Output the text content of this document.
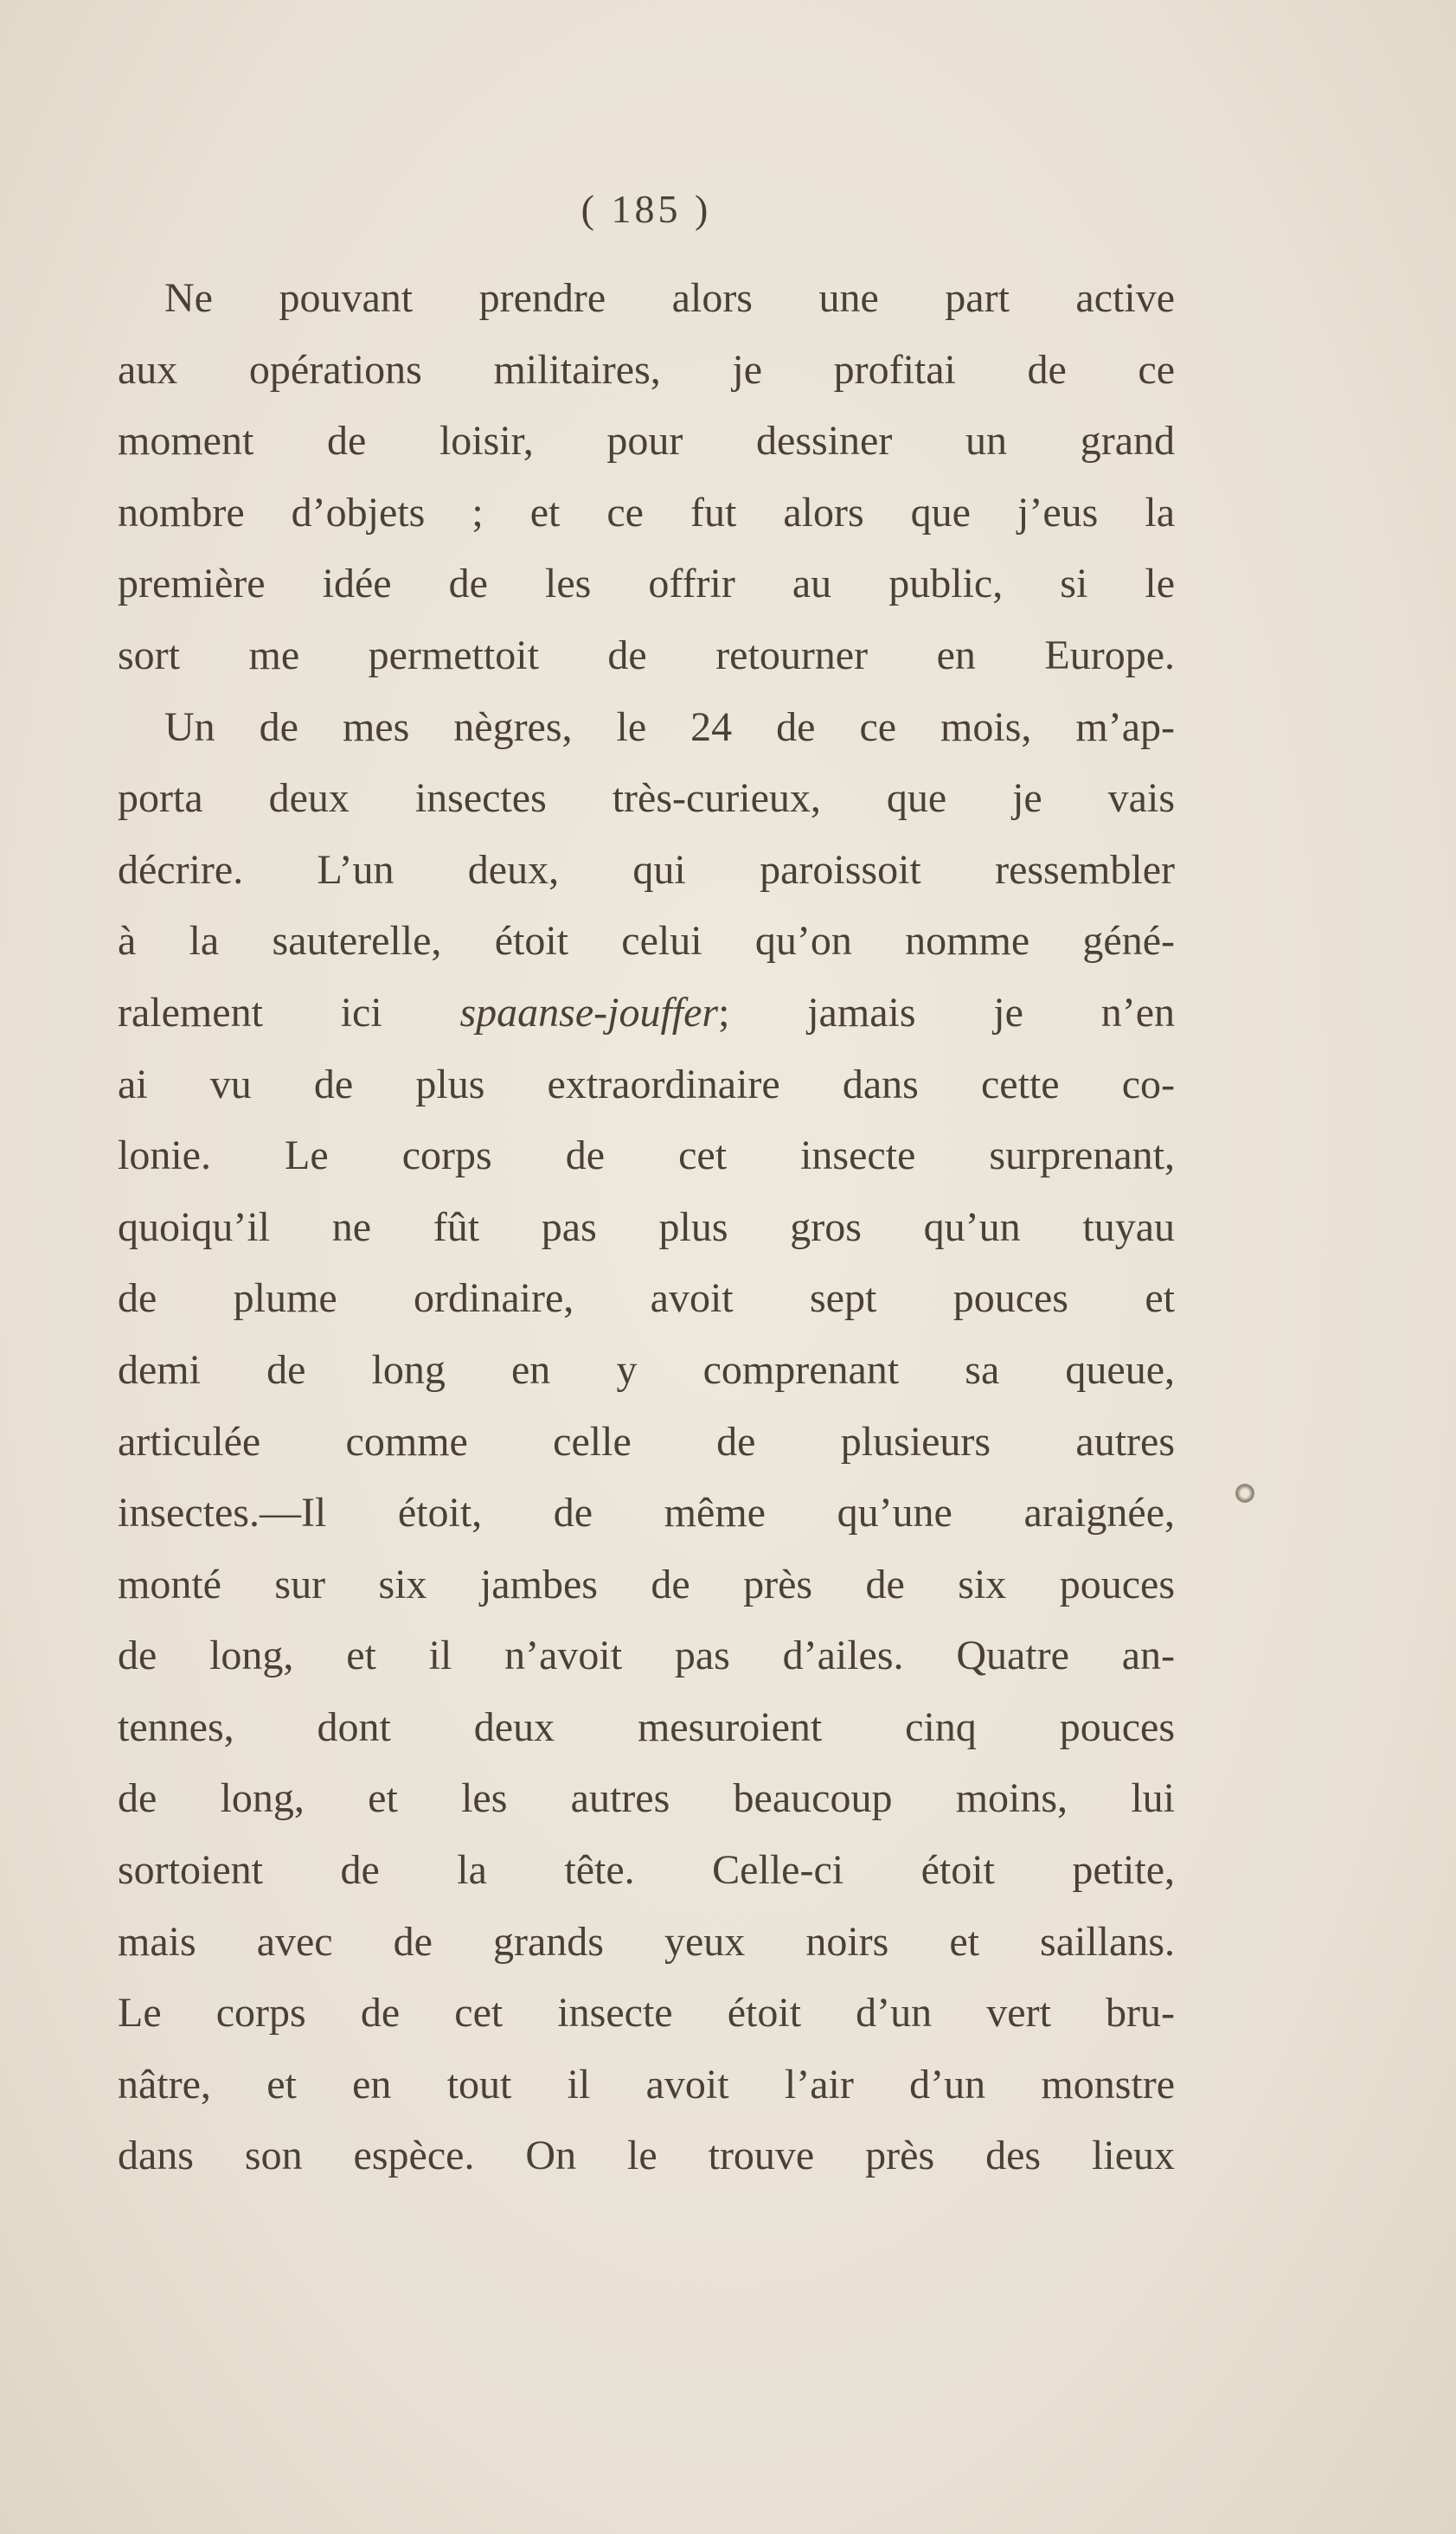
( 185 )
Ne pouvant prendre alors une part active
aux opérations militaires, je profitai de ce
moment de loisir, pour dessiner un grand
nombre d’objets ; et ce fut alors que j’eus la
première idée de les offrir au public, si le
sort me permettoit de retourner en Europe.
Un de mes nègres, le 24 de ce mois, m’ap-
porta deux insectes très-curieux, que je vais
décrire. L’un deux, qui paroissoit ressembler
à la sauterelle, étoit celui qu’on nomme géné-
ralement ici spaanse-jouffer; jamais je n’en
ai vu de plus extraordinaire dans cette co-
lonie. Le corps de cet insecte surprenant,
quoiqu’il ne fût pas plus gros qu’un tuyau
de plume ordinaire, avoit sept pouces et
demi de long en y comprenant sa queue,
articulée comme celle de plusieurs autres
insectes.—Il étoit, de même qu’une araignée,
monté sur six jambes de près de six pouces
de long, et il n’avoit pas d’ailes. Quatre an-
tennes, dont deux mesuroient cinq pouces
de long, et les autres beaucoup moins, lui
sortoient de la tête. Celle-ci étoit petite,
mais avec de grands yeux noirs et saillans.
Le corps de cet insecte étoit d’un vert bru-
nâtre, et en tout il avoit l’air d’un monstre
dans son espèce. On le trouve près des lieux
